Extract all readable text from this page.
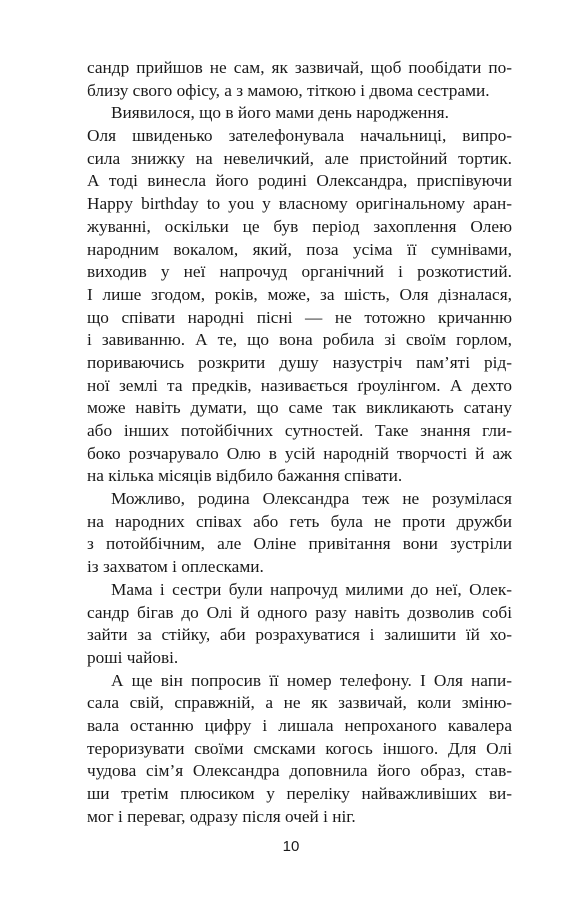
сандр прийшов не сам, як зазвичай, щоб пообідати по-
близу свого офісу, а з мамою, тіткою і двома сестрами.
Виявилося, що в його мами день народження.
Оля швиденько зателефонувала начальниці, випро-
сила знижку на невеличкий, але пристойний тортик.
А тоді винесла його родині Олександра, приспівуючи
Happy birthday to you у власному оригінальному аран-
жуванні, оскільки це був період захоплення Олею
народним вокалом, який, поза усіма її сумнівами,
виходив у неї напрочуд органічний і розкотистий.
І лише згодом, років, може, за шість, Оля дізналася,
що співати народні пісні — не тотожно кричанню
і завиванню. А те, що вона робила зі своїм горлом,
пориваючись розкрити душу назустріч пам’яті рід-
ної землі та предків, називається ґроулінгом. А дехто
може навіть думати, що саме так викликають сатану
або інших потойбічних сутностей. Таке знання гли-
боко розчарувало Олю в усій народній творчості й аж
на кілька місяців відбило бажання співати.
Можливо, родина Олександра теж не розумілася
на народних співах або геть була не проти дружби
з потойбічним, але Оліне привітання вони зустріли
із захватом і оплесками.
Мама і сестри були напрочуд милими до неї, Олек-
сандр бігав до Олі й одного разу навіть дозволив собі
зайти за стійку, аби розрахуватися і залишити їй хо-
роші чайові.
А ще він попросив її номер телефону. І Оля напи-
сала свій, справжній, а не як зазвичай, коли зміню-
вала останню цифру і лишала непроханого кавалера
тероризувати своїми смсками когось іншого. Для Олі
чудова сім’я Олександра доповнила його образ, став-
ши третім плюсиком у переліку найважливіших ви-
мог і переваг, одразу після очей і ніг.
10
